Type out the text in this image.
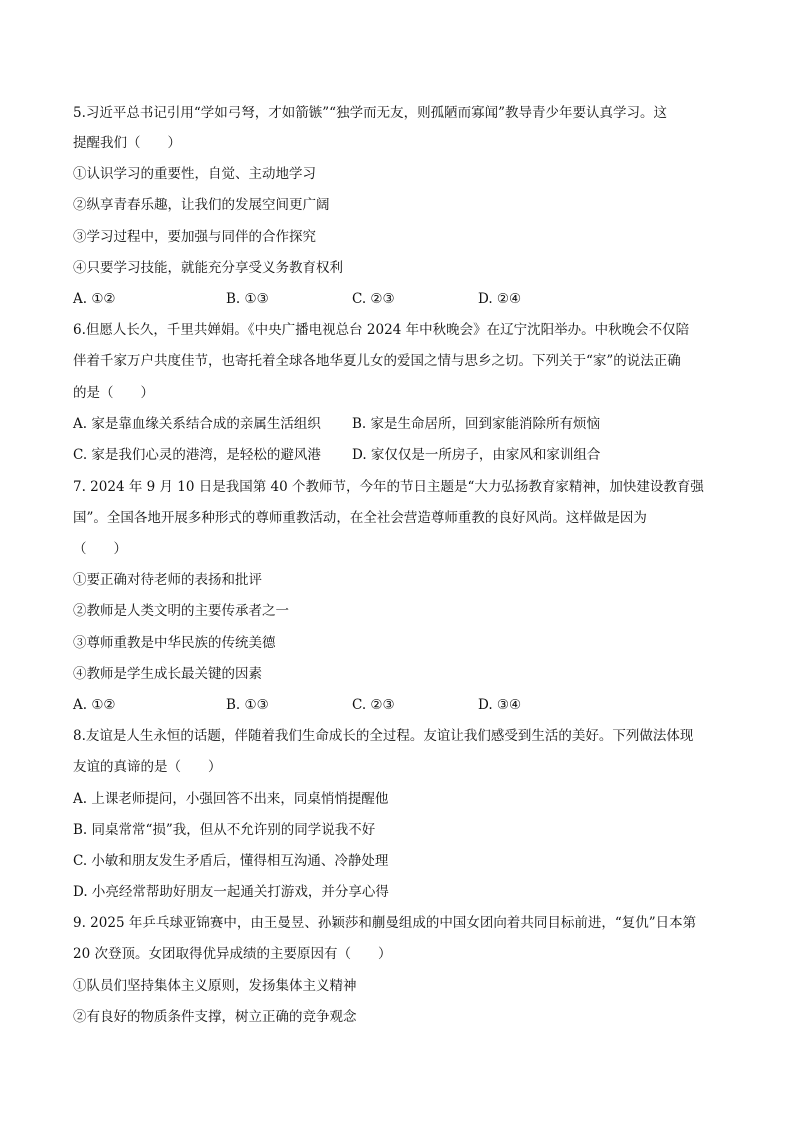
5.习近平总书记引用“学如弓弩，才如箭镞”“独学而无友，则孤陋而寡闻”教导青少年要认真学习。这
提醒我们（　　）
①认识学习的重要性，自觉、主动地学习
②纵享青春乐趣，让我们的发展空间更广阔
③学习过程中，要加强与同伴的合作探究
④只要学习技能，就能充分享受义务教育权利
A. ①②	B. ①③	C. ②③	D. ②④
6.但愿人长久，千里共婵娟。《中央广播电视总台 2024 年中秋晚会》在辽宁沈阳举办。中秋晚会不仅陪
伴着千家万户共度佳节，也寄托着全球各地华夏儿女的爱国之情与思乡之切。下列关于“家”的说法正确
的是（　　）
A. 家是靠血缘关系结合成的亲属生活组织 B. 家是生命居所，回到家能消除所有烦恼
C. 家是我们心灵的港湾，是轻松的避风港 D. 家仅仅是一所房子，由家风和家训组合
7. 2024 年 9 月 10 日是我国第 40 个教师节，今年的节日主题是“大力弘扬教育家精神，加快建设教育强
国”。全国各地开展多种形式的尊师重教活动，在全社会营造尊师重教的良好风尚。这样做是因为
（　　）
①要正确对待老师的表扬和批评
②教师是人类文明的主要传承者之一
③尊师重教是中华民族的传统美德
④教师是学生成长最关键的因素
A. ①②	B. ①③	C. ②③	D. ③④
8.友谊是人生永恒的话题，伴随着我们生命成长的全过程。友谊让我们感受到生活的美好。下列做法体现
友谊的真谛的是（　　）
A. 上课老师提问，小强回答不出来，同桌悄悄提醒他
B. 同桌常常“损”我，但从不允许别的同学说我不好
C. 小敏和朋友发生矛盾后，懂得相互沟通、冷静处理
D. 小亮经常帮助好朋友一起通关打游戏，并分享心得
9. 2025 年乒乓球亚锦赛中，由王曼昱、孙颖莎和蒯曼组成的中国女团向着共同目标前进，“复仇”日本第
20 次登顶。女团取得优异成绩的主要原因有（　　）
①队员们坚持集体主义原则，发扬集体主义精神
②有良好的物质条件支撑，树立正确的竞争观念
